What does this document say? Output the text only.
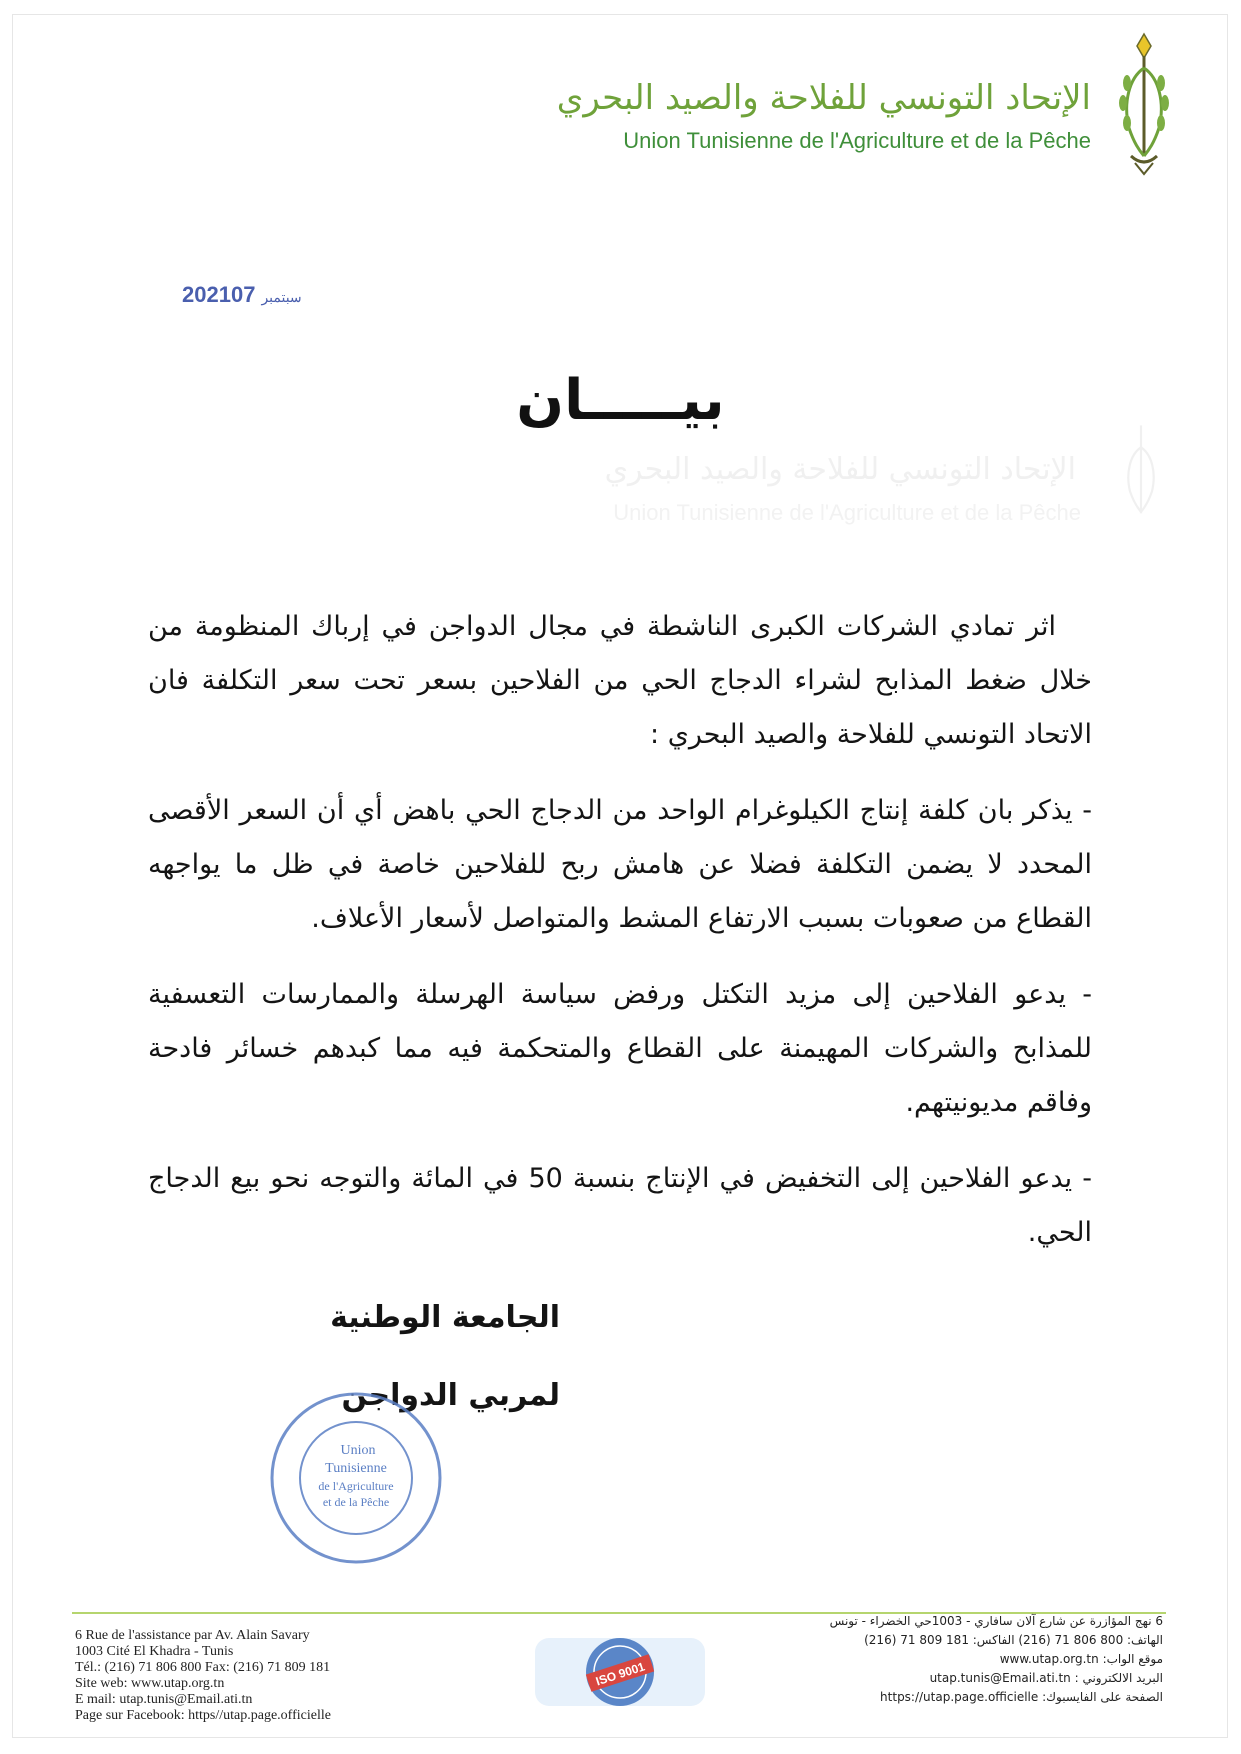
الإتحاد التونسي للفلاحة والصيد البحري
Union Tunisienne de l'Agriculture et de la Pêche
2021 سبتمبر07
بيـــــان
الإتحاد التونسي للفلاحة والصيد البحري
Union Tunisienne de l'Agriculture et de la Pêche

اثر تمادي الشركات الكبرى الناشطة في مجال الدواجن في إرباك المنظومة من خلال ضغط المذابح لشراء الدجاج الحي من الفلاحين بسعر تحت سعر التكلفة فان الاتحاد التونسي للفلاحة والصيد البحري :

- يذكر بان كلفة إنتاج الكيلوغرام الواحد من الدجاج الحي باهض أي أن السعر الأقصى المحدد لا يضمن التكلفة فضلا عن هامش ربح للفلاحين خاصة في ظل ما يواجهه القطاع من صعوبات بسبب الارتفاع المشط والمتواصل لأسعار الأعلاف.

- يدعو الفلاحين إلى مزيد التكتل ورفض سياسة الهرسلة والممارسات التعسفية للمذابح والشركات المهيمنة على القطاع والمتحكمة فيه مما كبدهم خسائر فادحة وفاقم مديونيتهم.

- يدعو الفلاحين إلى التخفيض في الإنتاج بنسبة 50 في المائة والتوجه نحو بيع الدجاج الحي.

الجامعة الوطنية
لمربي الدواجن
Union
Tunisienne
de l'Agriculture
et de la Pêche
6 Rue de l'assistance par Av. Alain Savary
1003 Cité El Khadra - Tunis
Tél.: (216) 71 806 800 Fax: (216) 71 809 181
Site web: www.utap.org.tn
E mail: utap.tunis@Email.ati.tn
Page sur Facebook: https//utap.page.officielle
ISO 9001
6 نهج المؤازرة عن شارع آلان سافاري - 1003حي الخضراء - تونس
الهاتف: 800 806 71 (216) الفاكس: 181 809 71 (216)
موقع الواب: www.utap.org.tn
البريد الالكتروني : utap.tunis@Email.ati.tn
الصفحة على الفايسبوك: https://utap.page.officielle
